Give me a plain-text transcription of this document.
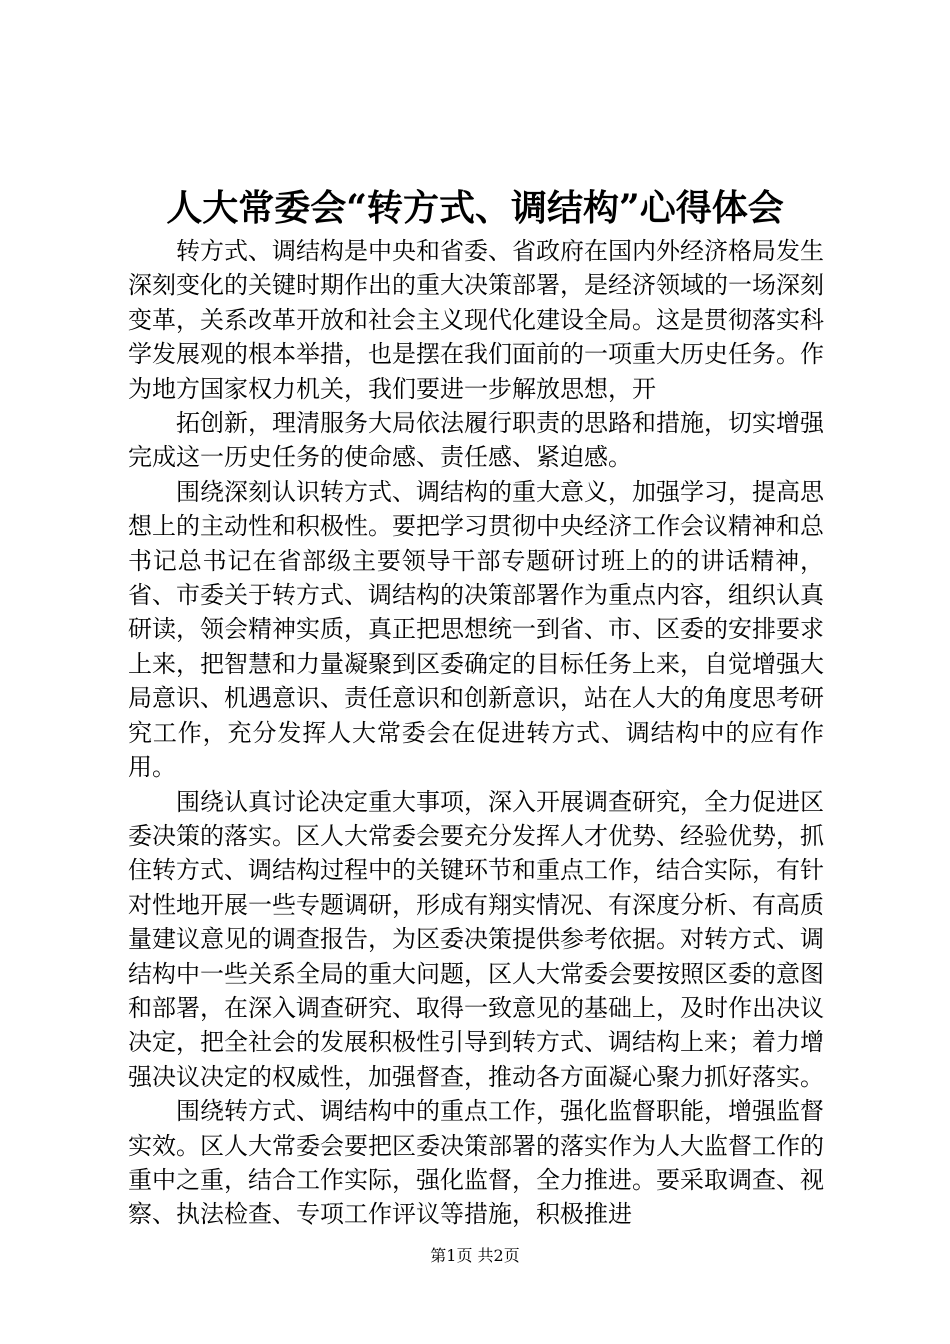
人大常委会“转方式、调结构”心得体会

转方式、调结构是中央和省委、省政府在国内外经济格局发生深刻变化的关键时期作出的重大决策部署，是经济领域的一场深刻变革，关系改革开放和社会主义现代化建设全局。这是贯彻落实科学发展观的根本举措，也是摆在我们面前的一项重大历史任务。作为地方国家权力机关，我们要进一步解放思想，开

拓创新，理清服务大局依法履行职责的思路和措施，切实增强完成这一历史任务的使命感、责任感、紧迫感。

围绕深刻认识转方式、调结构的重大意义，加强学习，提高思想上的主动性和积极性。要把学习贯彻中央经济工作会议精神和总书记总书记在省部级主要领导干部专题研讨班上的的讲话精神，省、市委关于转方式、调结构的决策部署作为重点内容，组织认真研读，领会精神实质，真正把思想统一到省、市、区委的安排要求上来，把智慧和力量凝聚到区委确定的目标任务上来，自觉增强大局意识、机遇意识、责任意识和创新意识，站在人大的角度思考研究工作，充分发挥人大常委会在促进转方式、调结构中的应有作用。

围绕认真讨论决定重大事项，深入开展调查研究，全力促进区委决策的落实。区人大常委会要充分发挥人才优势、经验优势，抓住转方式、调结构过程中的关键环节和重点工作，结合实际，有针对性地开展一些专题调研，形成有翔实情况、有深度分析、有高质量建议意见的调查报告，为区委决策提供参考依据。对转方式、调结构中一些关系全局的重大问题，区人大常委会要按照区委的意图和部署，在深入调查研究、取得一致意见的基础上，及时作出决议决定，把全社会的发展积极性引导到转方式、调结构上来；着力增强决议决定的权威性，加强督查，推动各方面凝心聚力抓好落实。

围绕转方式、调结构中的重点工作，强化监督职能，增强监督实效。区人大常委会要把区委决策部署的落实作为人大监督工作的重中之重，结合工作实际，强化监督，全力推进。要采取调查、视察、执法检查、专项工作评议等措施，积极推进

第1页 共2页
